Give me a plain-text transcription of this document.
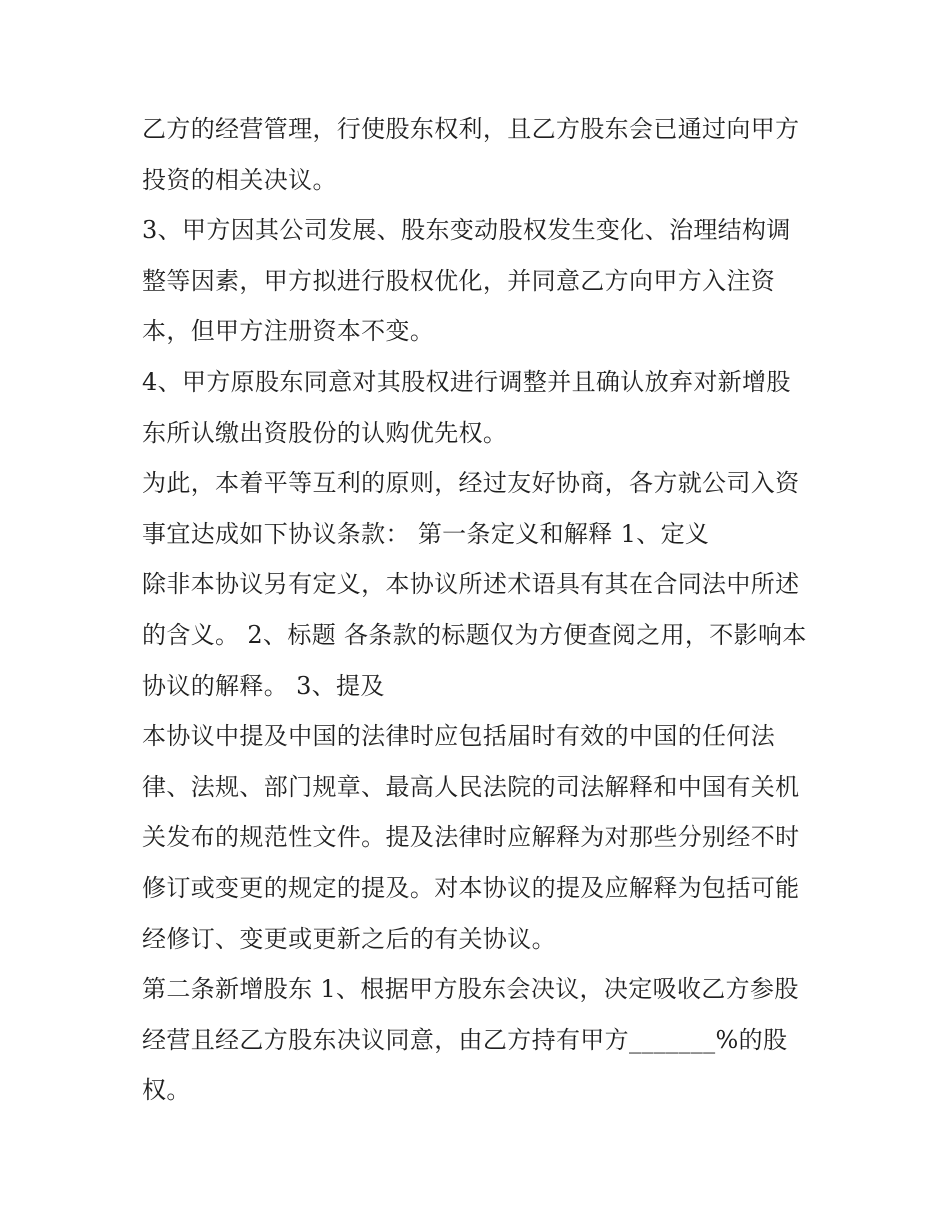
乙方的经营管理，行使股东权利，且乙方股东会已通过向甲方
投资的相关决议。
3、甲方因其公司发展、股东变动股权发生变化、治理结构调
整等因素，甲方拟进行股权优化，并同意乙方向甲方入注资
本，但甲方注册资本不变。
4、甲方原股东同意对其股权进行调整并且确认放弃对新增股
东所认缴出资股份的认购优先权。
为此，本着平等互利的原则，经过友好协商，各方就公司入资
事宜达成如下协议条款： 第一条定义和解释 1、定义
除非本协议另有定义，本协议所述术语具有其在合同法中所述
的含义。 2、标题 各条款的标题仅为方便查阅之用，不影响本
协议的解释。 3、提及
本协议中提及中国的法律时应包括届时有效的中国的任何法
律、法规、部门规章、最高人民法院的司法解释和中国有关机
关发布的规范性文件。提及法律时应解释为对那些分别经不时
修订或变更的规定的提及。对本协议的提及应解释为包括可能
经修订、变更或更新之后的有关协议。
第二条新增股东 1、根据甲方股东会决议，决定吸收乙方参股
经营且经乙方股东决议同意，由乙方持有甲方_______%的股
权。
